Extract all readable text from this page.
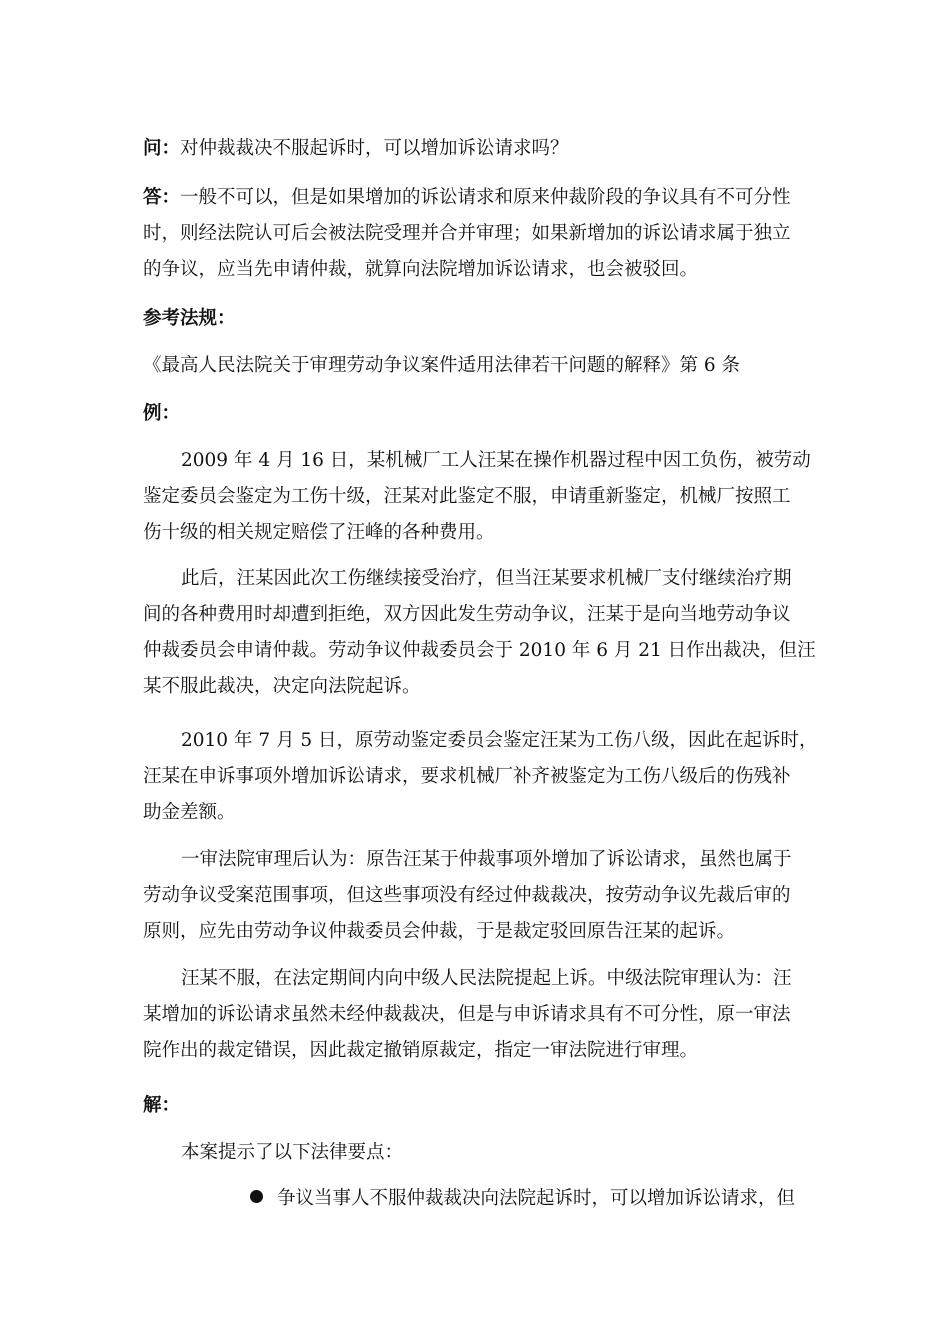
问：对仲裁裁决不服起诉时，可以增加诉讼请求吗？
答：一般不可以，但是如果增加的诉讼请求和原来仲裁阶段的争议具有不可分性
时，则经法院认可后会被法院受理并合并审理；如果新增加的诉讼请求属于独立
的争议，应当先申请仲裁，就算向法院增加诉讼请求，也会被驳回。
参考法规：
《最高人民法院关于审理劳动争议案件适用法律若干问题的解释》第 6 条
例：
2009 年 4 月 16 日，某机械厂工人汪某在操作机器过程中因工负伤，被劳动
鉴定委员会鉴定为工伤十级，汪某对此鉴定不服，申请重新鉴定，机械厂按照工
伤十级的相关规定赔偿了汪峰的各种费用。
此后，汪某因此次工伤继续接受治疗，但当汪某要求机械厂支付继续治疗期
间的各种费用时却遭到拒绝，双方因此发生劳动争议，汪某于是向当地劳动争议
仲裁委员会申请仲裁。劳动争议仲裁委员会于 2010 年 6 月 21 日作出裁决，但汪
某不服此裁决，决定向法院起诉。
2010 年 7 月 5 日，原劳动鉴定委员会鉴定汪某为工伤八级，因此在起诉时，
汪某在申诉事项外增加诉讼请求，要求机械厂补齐被鉴定为工伤八级后的伤残补
助金差额。
一审法院审理后认为：原告汪某于仲裁事项外增加了诉讼请求，虽然也属于
劳动争议受案范围事项，但这些事项没有经过仲裁裁决，按劳动争议先裁后审的
原则，应先由劳动争议仲裁委员会仲裁，于是裁定驳回原告汪某的起诉。
汪某不服，在法定期间内向中级人民法院提起上诉。中级法院审理认为：汪
某增加的诉讼请求虽然未经仲裁裁决，但是与申诉请求具有不可分性，原一审法
院作出的裁定错误，因此裁定撤销原裁定，指定一审法院进行审理。
解：
本案提示了以下法律要点：
争议当事人不服仲裁裁决向法院起诉时，可以增加诉讼请求，但
